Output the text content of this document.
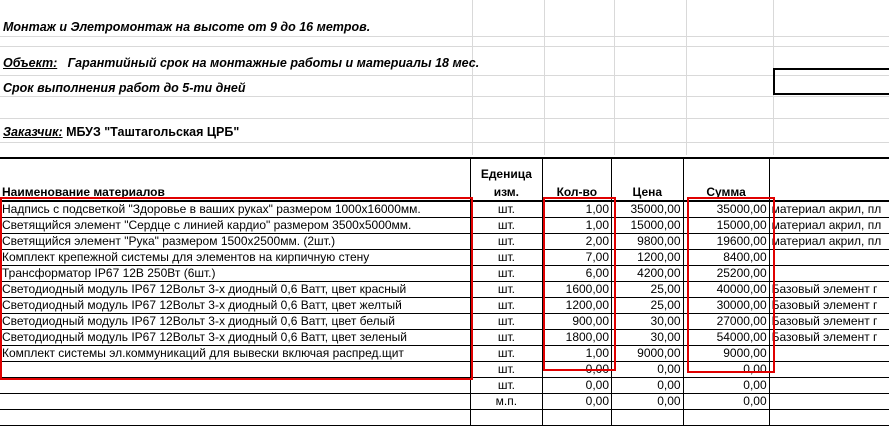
Монтаж и Элетромонтаж на высоте от 9 до 16 метров.
Объект: Гарантийный срок на монтажные работы и материалы 18 мес.
Срок выполнения работ до 5-ти дней
Заказчик: МБУЗ "Таштагольская ЦРБ"
	Еденица				
Наименование материалов	изм.	Кол-во	Цена	Сумма	
Надпись с подсветкой "Здоровье в ваших руках" размером 1000х16000мм.	шт.	1,00	35000,00	35000,00	материал акрил, пл
Светящийся элемент "Сердце с линией кардио" размером 3500х5000мм.	шт.	1,00	15000,00	15000,00	материал акрил, пл
Светящийся элемент "Рука" размером 1500х2500мм. (2шт.)	шт.	2,00	9800,00	19600,00	материал акрил, пл
Комплект крепежной системы для элементов на кирпичную стену	шт.	7,00	1200,00	8400,00	
Трансформатор IP67 12В 250Вт (6шт.)	шт.	6,00	4200,00	25200,00	
Светодиодный модуль IP67 12Вольт 3-х диодный 0,6 Ватт, цвет красный	шт.	1600,00	25,00	40000,00	Базовый элемент г
Светодиодный модуль IP67 12Вольт 3-х диодный 0,6 Ватт, цвет желтый	шт.	1200,00	25,00	30000,00	Базовый элемент г
Светодиодный модуль IP67 12Вольт 3-х диодный 0,6 Ватт, цвет белый	шт.	900,00	30,00	27000,00	Базовый элемент г
Светодиодный модуль IP67 12Вольт 3-х диодный 0,6 Ватт, цвет зеленый	шт.	1800,00	30,00	54000,00	Базовый элемент г
Комплект системы эл.коммуникаций для вывески включая распред.щит	шт.	1,00	9000,00	9000,00	
	шт.	0,00	0,00	0,00	
	шт.	0,00	0,00	0,00	
	м.п.	0,00	0,00	0,00	
